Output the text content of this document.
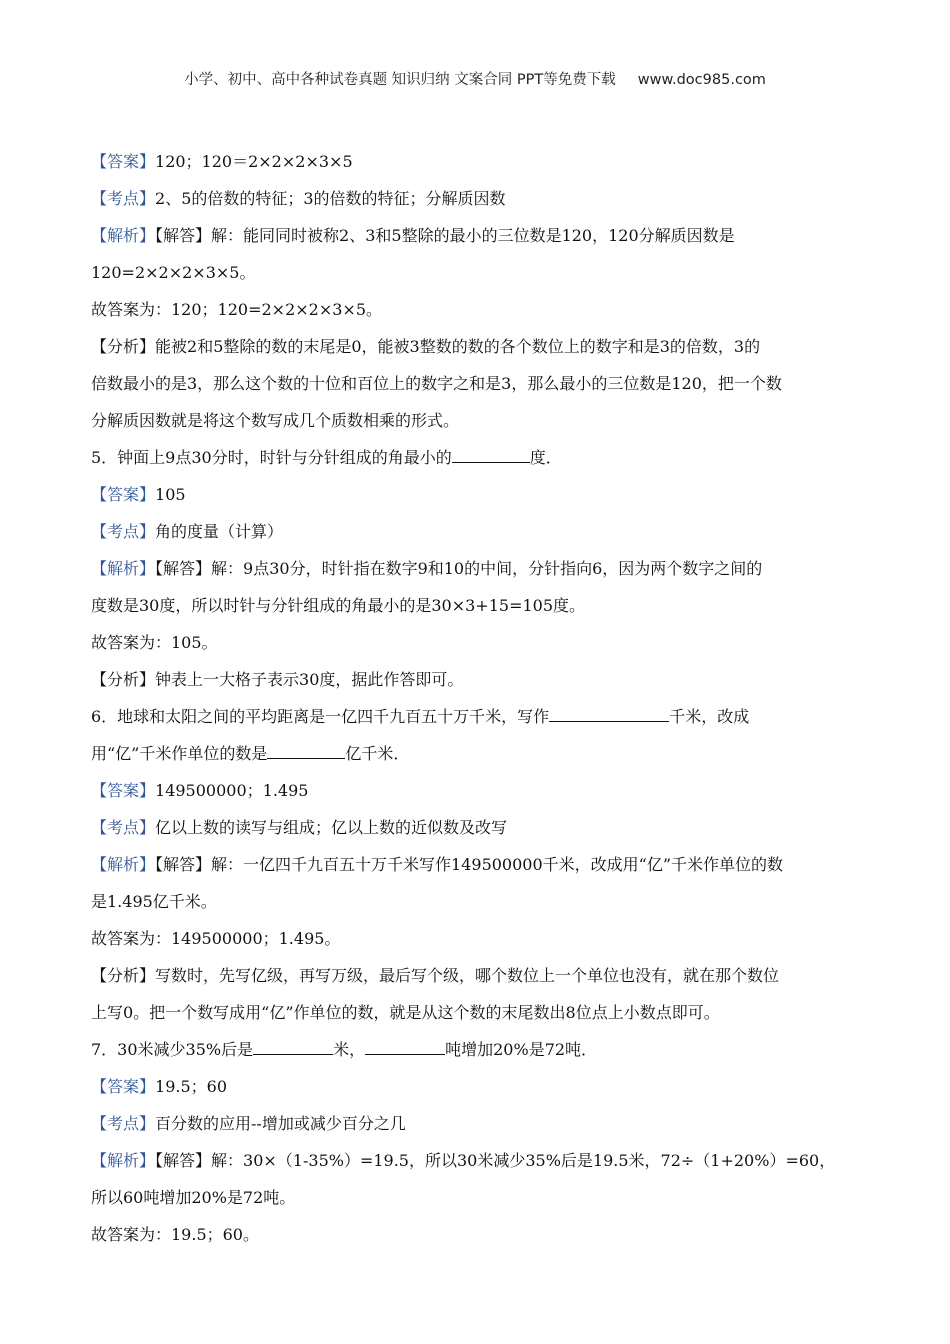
小学、初中、高中各种试卷真题 知识归纳 文案合同 PPT等免费下载 www.doc985.com
【答案】120；120＝2×2×2×3×5
【考点】2、5的倍数的特征；3的倍数的特征；分解质因数
【解析】【解答】解：能同同时被称2、3和5整除的最小的三位数是120，120分解质因数是
120=2×2×2×3×5。
故答案为：120；120=2×2×2×3×5。
【分析】能被2和5整除的数的末尾是0，能被3整数的数的各个数位上的数字和是3的倍数，3的
倍数最小的是3，那么这个数的十位和百位上的数字之和是3，那么最小的三位数是120，把一个数
分解质因数就是将这个数写成几个质数相乘的形式。
5．钟面上9点30分时，时针与分针组成的角最小的	度．
【答案】105
【考点】角的度量（计算）
【解析】【解答】解：9点30分，时针指在数字9和10的中间，分针指向6，因为两个数字之间的
度数是30度，所以时针与分针组成的角最小的是30×3+15=105度。
故答案为：105。
【分析】钟表上一大格子表示30度，据此作答即可。
6．地球和太阳之间的平均距离是一亿四千九百五十万千米，写作	千米，改成
用“亿”千米作单位的数是	亿千米．
【答案】149500000；1.495
【考点】亿以上数的读写与组成；亿以上数的近似数及改写
【解析】【解答】解：一亿四千九百五十万千米写作149500000千米，改成用“亿”千米作单位的数
是1.495亿千米。
故答案为：149500000；1.495。
【分析】写数时，先写亿级，再写万级，最后写个级，哪个数位上一个单位也没有，就在那个数位
上写0。把一个数写成用“亿”作单位的数，就是从这个数的末尾数出8位点上小数点即可。
7．30米减少35%后是	米，	吨增加20%是72吨．
【答案】19.5；60
【考点】百分数的应用--增加或减少百分之几
【解析】【解答】解：30×（1-35%）=19.5，所以30米减少35%后是19.5米，72÷（1+20%）=60，
所以60吨增加20%是72吨。
故答案为：19.5；60。
